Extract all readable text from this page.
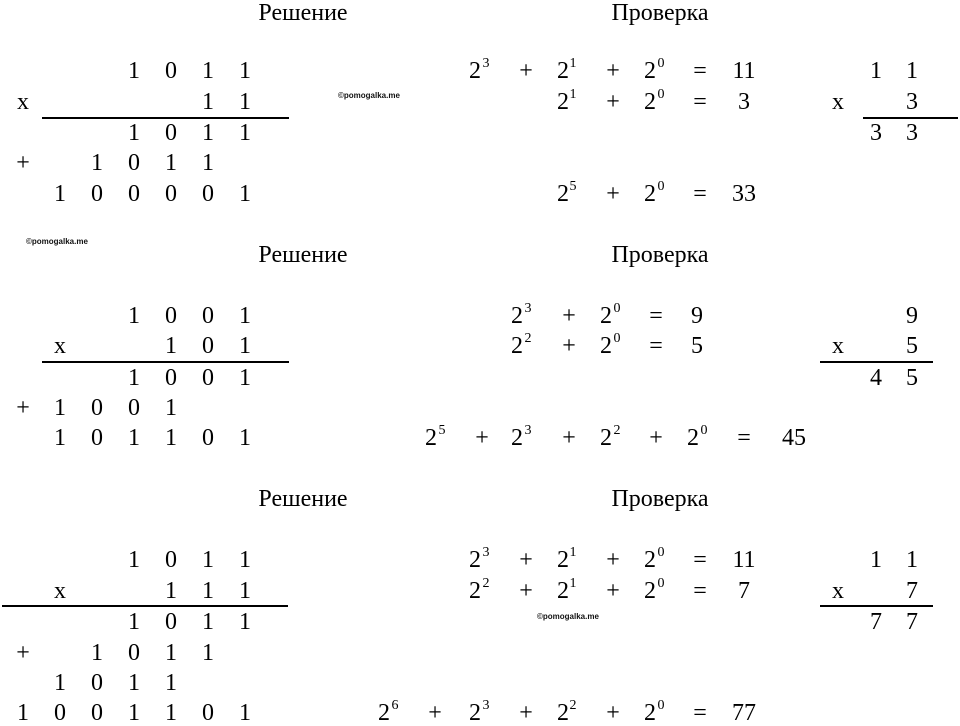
Решение	Проверка
1 0 1 1
x	1 1
1 0 1 1
+	1 0 1 1
1 0 0 0 0 1
©pomogalka.me
2 3 + 2 1 + 2 0 = 11
2 1 + 2 0 = 3
2 5 + 2 0 = 33
1 1
x	3
3 3
©pomogalka.me
Решение	Проверка
1 0 0 1
x	1 0 1
1 0 0 1
+ 1 0 0 1
1 0 1 1 0 1
2 3 + 2 0 = 9
2 2 + 2 0 = 5
2 5 + 2 3 + 2 2 + 2 0 = 45
9
x	5
4 5
Решение	Проверка
1 0 1 1
x	1 1 1
1 0 1 1
+	1 0 1 1
1 0 1 1
1 0 0 1 1 0 1
2 3 + 2 1 + 2 0 = 11
2 2 + 2 1 + 2 0 = 7
©pomogalka.me
2 6 + 2 3 + 2 2 + 2 0 = 77
1 1
x	7
7 7
